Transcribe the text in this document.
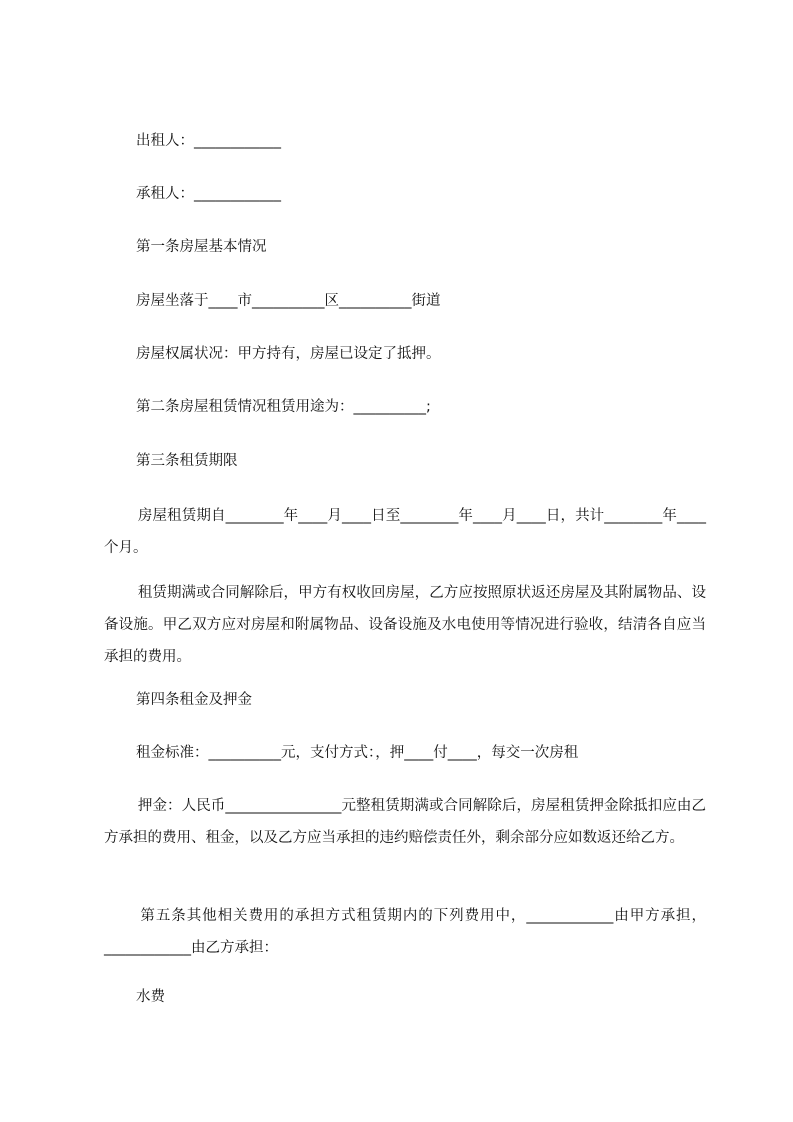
出租人：____________
承租人：____________
第一条房屋基本情况
房屋坐落于____市__________区__________街道
房屋权属状况：甲方持有，房屋已设定了抵押。
第二条房屋租赁情况租赁用途为：__________;
第三条租赁期限
　　 房屋租赁期自________年____月____日至________年____月____日，共计________年____个月。
　　 租赁期满或合同解除后，甲方有权收回房屋，乙方应按照原状返还房屋及其附属物品、设备设施。甲乙双方应对房屋和附属物品、设备设施及水电使用等情况进行验收，结清各自应当承担的费用。
第四条租金及押金
租金标准：__________元，支付方式：，押____付____，每交一次房租
　　 押金：人民币________________元整租赁期满或合同解除后，房屋租赁押金除抵扣应由乙方承担的费用、租金，以及乙方应当承担的违约赔偿责任外，剩余部分应如数返还给乙方。
　　 第五条其他相关费用的承担方式租赁期内的下列费用中，____________由甲方承担，____________由乙方承担：
水费
